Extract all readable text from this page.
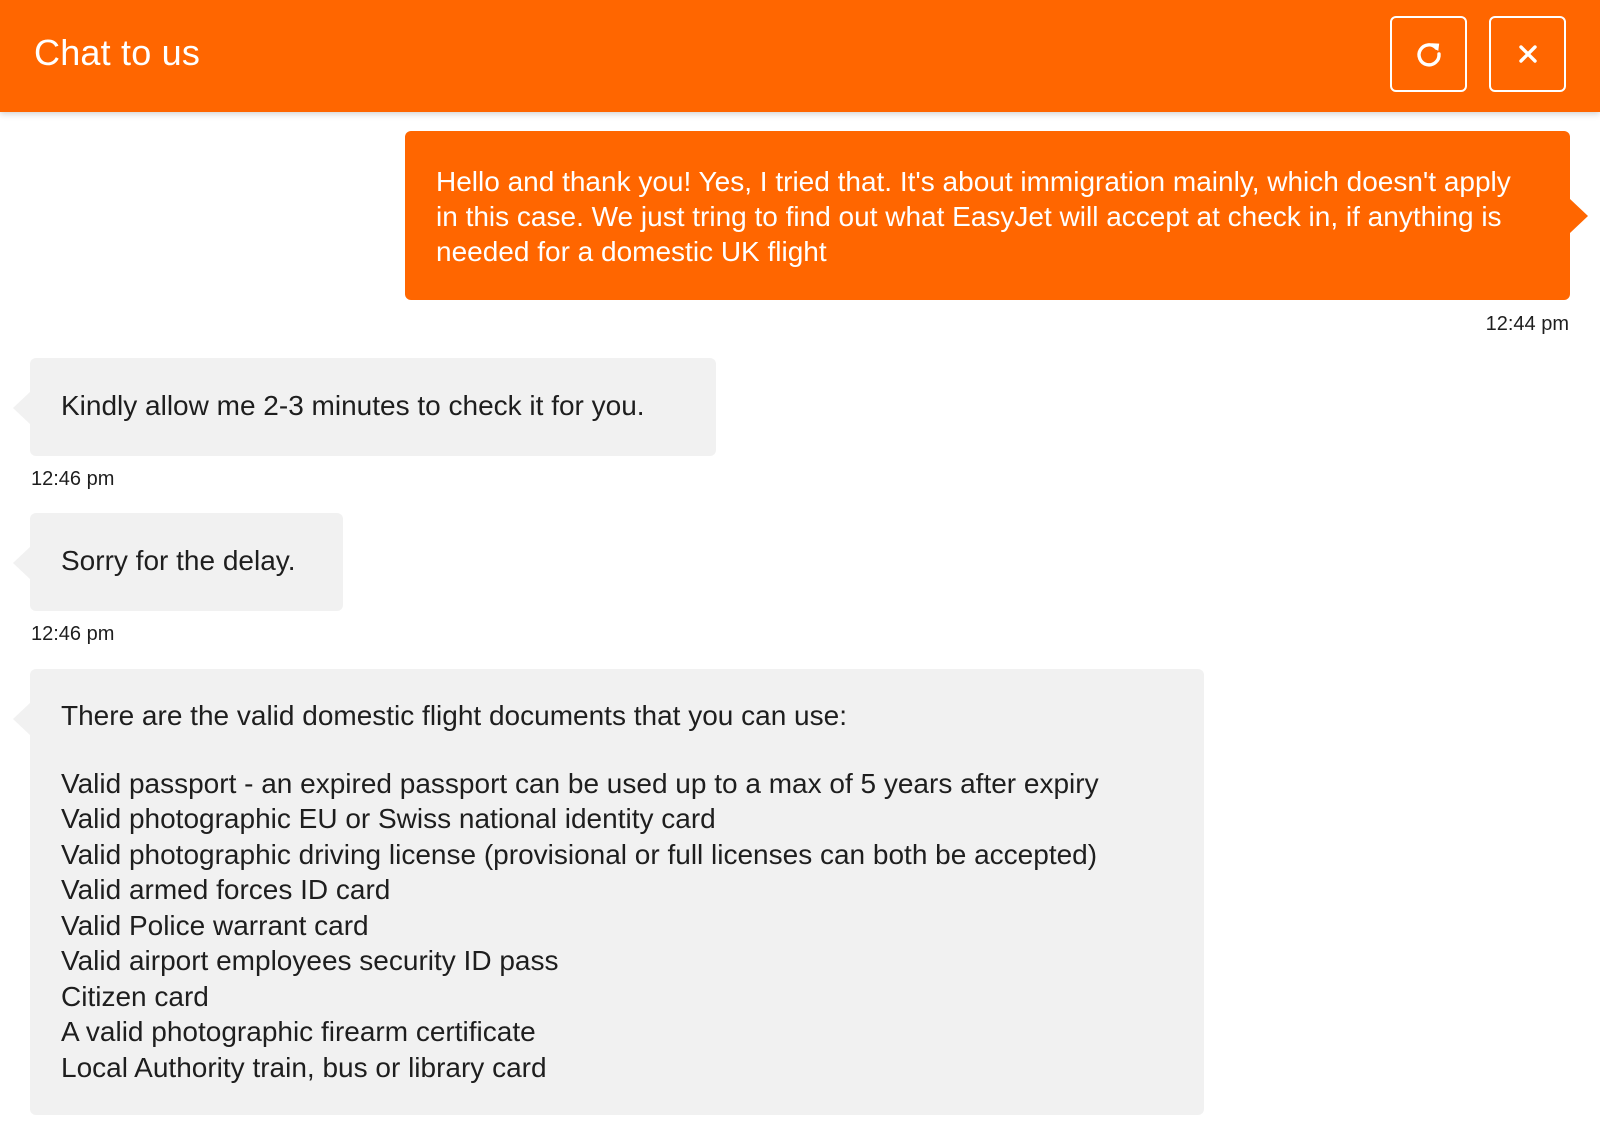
Chat to us
Hello and thank you! Yes, I tried that. It's about immigration mainly, which doesn't apply in this case. We just tring to find out what EasyJet will accept at check in, if anything is needed for a domestic UK flight
12:44 pm
Kindly allow me 2-3 minutes to check it for you.
12:46 pm
Sorry for the delay.
12:46 pm
There are the valid domestic flight documents that you can use:
Valid passport - an expired passport can be used up to a max of 5 years after expiry
Valid photographic EU or Swiss national identity card
Valid photographic driving license (provisional or full licenses can both be accepted)
Valid armed forces ID card
Valid Police warrant card
Valid airport employees security ID pass
Citizen card
A valid photographic firearm certificate
Local Authority train, bus or library card
